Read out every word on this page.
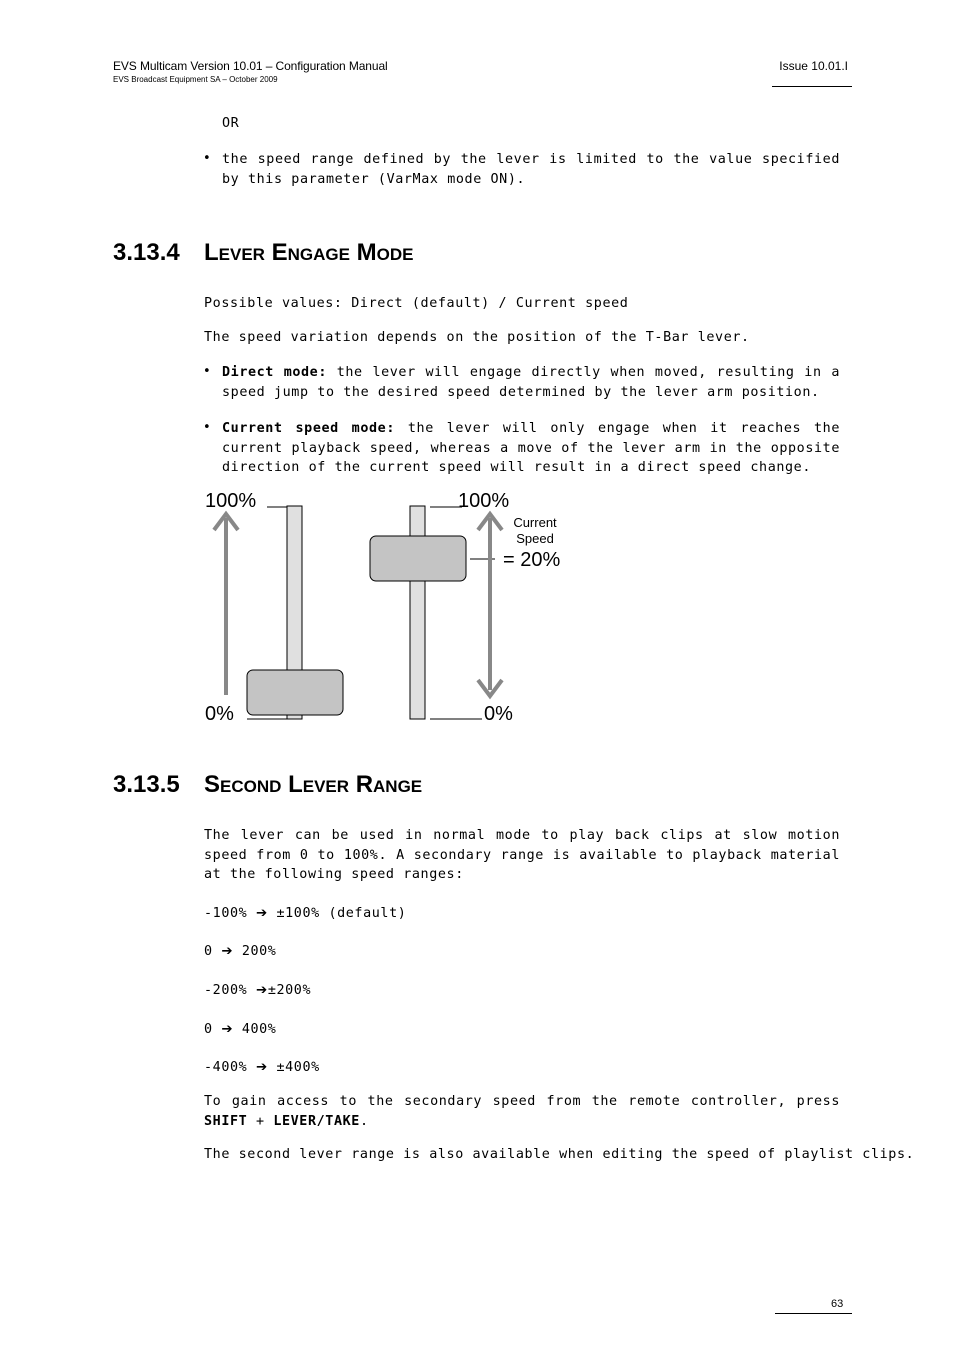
EVS Multicam Version 10.01 – Configuration Manual
EVS Broadcast Equipment SA – October 2009
Issue 10.01.I
OR
• the speed range defined by the lever is limited to the value specified by this parameter (VarMax mode ON).
3.13.4 Lever Engage Mode
Possible values: Direct (default) / Current speed
The speed variation depends on the position of the T-Bar lever.
• Direct mode: the lever will engage directly when moved, resulting in a speed jump to the desired speed determined by the lever arm position.
• Current speed mode: the lever will only engage when it reaches the current playback speed, whereas a move of the lever arm in the opposite direction of the current speed will result in a direct speed change.
100%
0%
100%
Current
Speed
= 20%
0%
3.13.5 Second Lever Range
The lever can be used in normal mode to play back clips at slow motion speed from 0 to 100%. A secondary range is available to playback material at the following speed ranges:
-100% ➔ ±100% (default)
0 ➔ 200%
-200% ➔±200%
0 ➔ 400%
-400% ➔ ±400%
To gain access to the secondary speed from the remote controller, press SHIFT + LEVER/TAKE.
The second lever range is also available when editing the speed of playlist clips.
63
